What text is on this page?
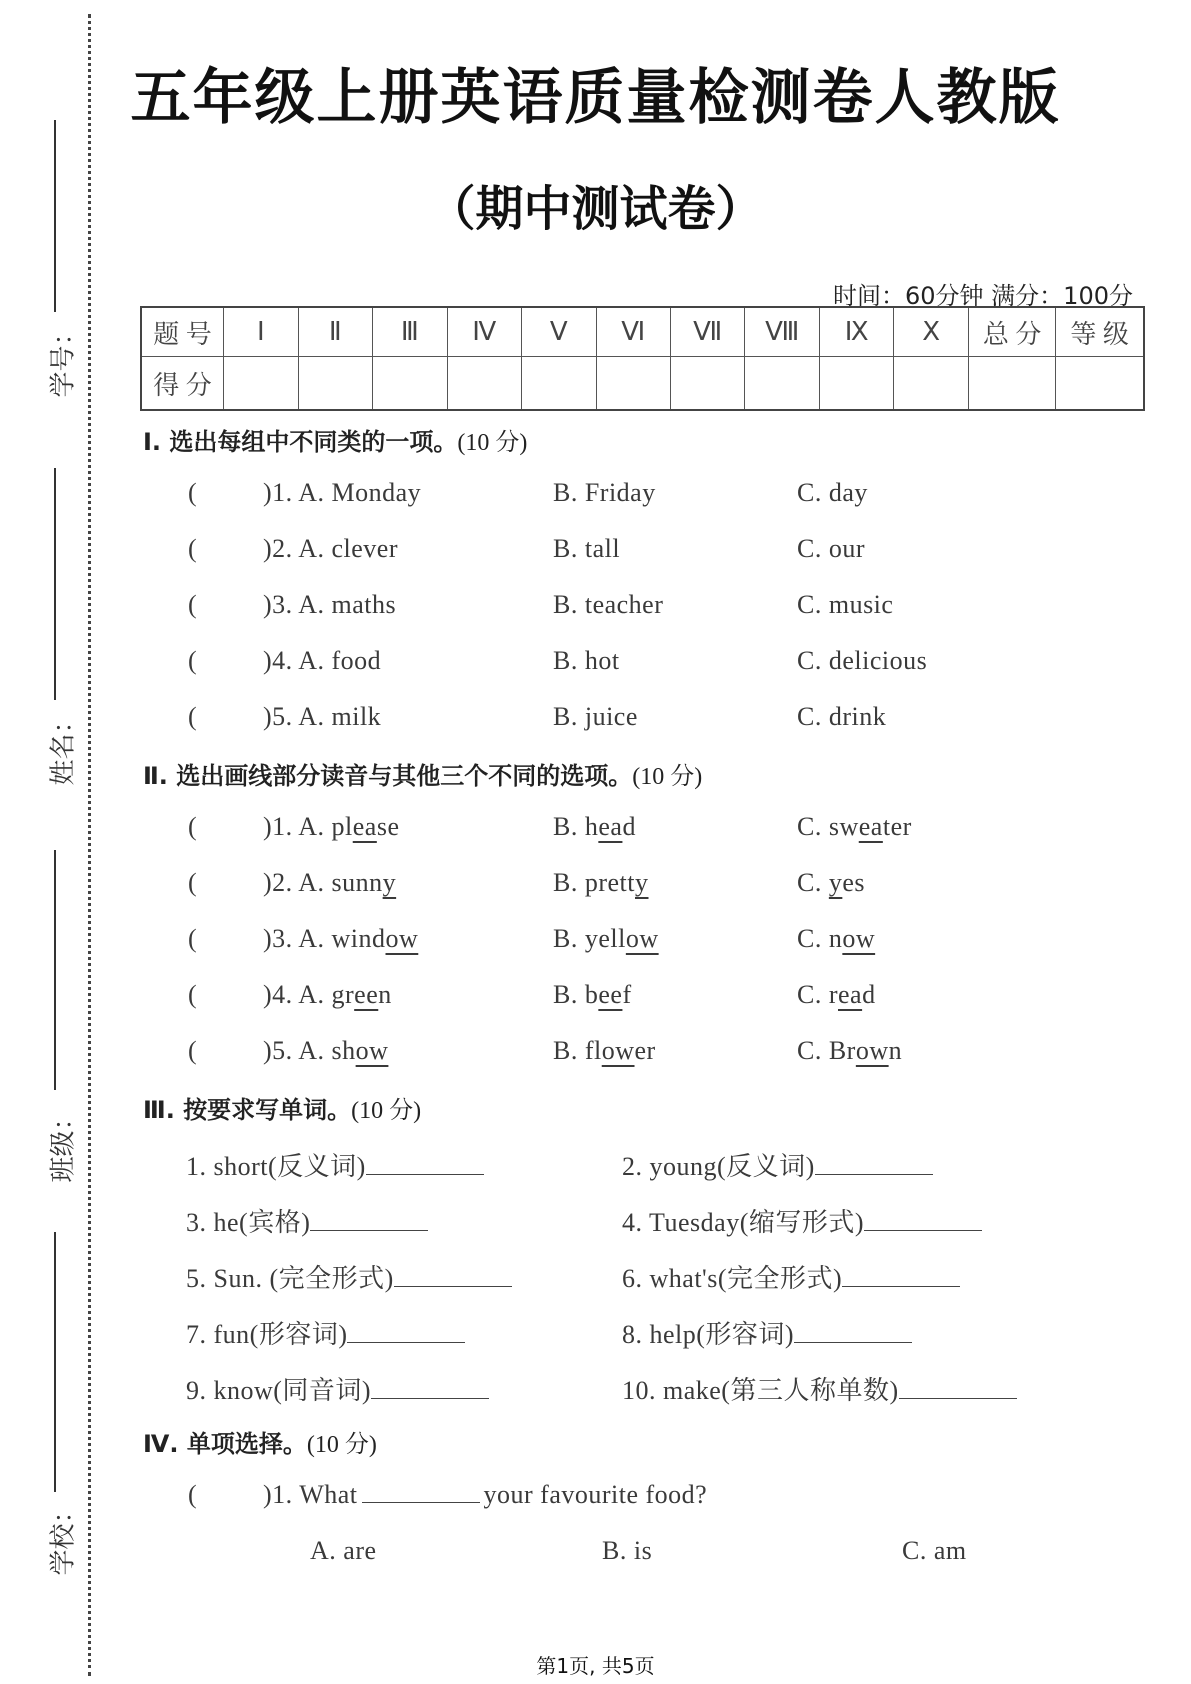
学号：
姓名：
班级：
学校：
五年级上册英语质量检测卷人教版
（期中测试卷）
时间：60分钟 满分：100分
题 号	Ⅰ	Ⅱ	Ⅲ	Ⅳ	Ⅴ	Ⅵ	Ⅶ	Ⅷ	Ⅸ	Ⅹ	总 分	等 级
得 分												
Ⅰ. 选出每组中不同类的一项。(10 分)
(	)1. A. Monday	B. Friday	C. day
(	)2. A. clever	B. tall	C. our
(	)3. A. maths	B. teacher	C. music
(	)4. A. food	B. hot	C. delicious
(	)5. A. milk	B. juice	C. drink
Ⅱ. 选出画线部分读音与其他三个不同的选项。(10 分)
(	)1. A. please	B. head	C. sweater
(	)2. A. sunny	B. pretty	C. yes
(	)3. A. window	B. yellow	C. now
(	)4. A. green	B. beef	C. read
(	)5. A. show	B. flower	C. Brown
Ⅲ. 按要求写单词。(10 分)
1. short(反义词)	2. young(反义词)
3. he(宾格)	4. Tuesday(缩写形式)
5. Sun. (完全形式)	6. what's(完全形式)
7. fun(形容词)	8. help(形容词)
9. know(同音词)	10. make(第三人称单数)
Ⅳ. 单项选择。(10 分)
(	)1. What	your favourite food?
A. are	B. is	C. am
第1页, 共5页
